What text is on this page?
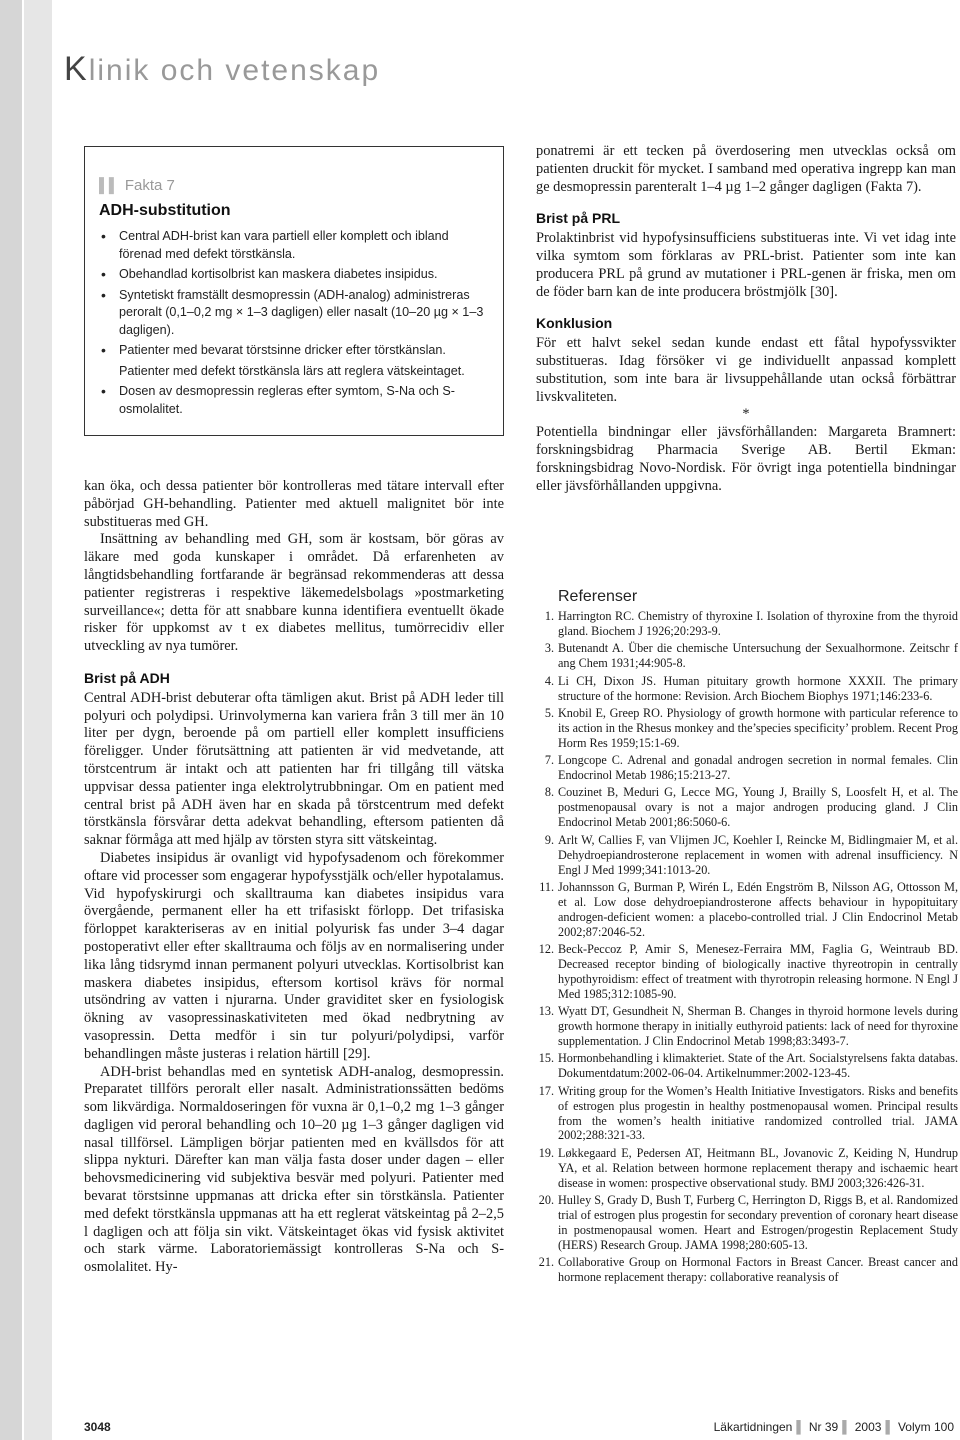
Klinik och vetenskap
▌▌ Fakta 7
ADH-substitution
• Central ADH-brist kan vara partiell eller komplett och ibland förenad med defekt törstkänsla.
• Obehandlad kortisolbrist kan maskera diabetes insipidus.
• Syntetiskt framställt desmopressin (ADH-analog) administreras peroralt (0,1–0,2 mg × 1–3 dagligen) eller nasalt (10–20 µg × 1–3 dagligen).
• Patienter med bevarat törstsinne dricker efter törstkänslan.
Patienter med defekt törstkänsla lärs att reglera vätskeintaget.
• Dosen av desmopressin regleras efter symtom, S-Na och S-osmolalitet.

kan öka, och dessa patienter bör kontrolleras med tätare intervall efter påbörjad GH-behandling. Patienter med aktuell malignitet bör inte substitueras med GH.

Insättning av behandling med GH, som är kostsam, bör göras av läkare med goda kunskaper i området. Då erfarenheten av långtidsbehandling fortfarande är begränsad rekommenderas att dessa patienter registreras i respektive läkemedelsbolags »postmarketing surveillance«; detta för att snabbare kunna identifiera eventuellt ökade risker för uppkomst av t ex diabetes mellitus, tumörrecidiv eller utveckling av nya tumörer.

Brist på ADH

Central ADH-brist debuterar ofta tämligen akut. Brist på ADH leder till polyuri och polydipsi. Urinvolymerna kan variera från 3 till mer än 10 liter per dygn, beroende på om partiell eller komplett insufficiens föreligger. Under förutsättning att patienten är vid medvetande, att törstcentrum är intakt och att patienten har fri tillgång till vätska uppvisar dessa patienter inga elektrolytrubbningar. Om en patient med central brist på ADH även har en skada på törstcentrum med defekt törstkänsla försvårar detta adekvat behandling, eftersom patienten då saknar förmåga att med hjälp av törsten styra sitt vätskeintag.

Diabetes insipidus är ovanligt vid hypofysadenom och förekommer oftare vid processer som engagerar hypofysstjälk och/eller hypotalamus. Vid hypofyskirurgi och skalltrauma kan diabetes insipidus vara övergående, permanent eller ha ett trifasiskt förlopp. Det trifasiska förloppet karakteriseras av en initial polyurisk fas under 3–4 dagar postoperativt eller efter skalltrauma och följs av en normalisering under lika lång tidsrymd innan permanent polyuri utvecklas. Kortisolbrist kan maskera diabetes insipidus, eftersom kortisol krävs för normal utsöndring av vatten i njurarna. Under graviditet sker en fysiologisk ökning av vasopressinaskativiteten med ökad nedbrytning av vasopressin. Detta medför i sin tur polyuri/polydipsi, varför behandlingen måste justeras i relation härtill [29].

ADH-brist behandlas med en syntetisk ADH-analog, desmopressin. Preparatet tillförs peroralt eller nasalt. Administrationssätten bedöms som likvärdiga. Normaldoseringen för vuxna är 0,1–0,2 mg 1–3 gånger dagligen vid peroral behandling och 10–20 µg 1–3 gånger dagligen vid nasal tillförsel. Lämpligen börjar patienten med en kvällsdos för att slippa nykturi. Därefter kan man välja fasta doser under dagen – eller behovsmedicinering vid subjektiva besvär med polyuri. Patienter med bevarat törstsinne uppmanas att dricka efter sin törstkänsla. Patienter med defekt törstkänsla uppmanas att ha ett reglerat vätskeintag på 2–2,5 l dagligen och att följa sin vikt. Vätskeintaget ökas vid fysisk aktivitet och stark värme. Laboratoriemässigt kontrolleras S-Na och S-osmolalitet. Hy-

ponatremi är ett tecken på överdosering men utvecklas också om patienten druckit för mycket. I samband med operativa ingrepp kan man ge desmopressin parenteralt 1–4 µg 1–2 gånger dagligen (Fakta 7).

Brist på PRL

Prolaktinbrist vid hypofysinsufficiens substitueras inte. Vi vet idag inte vilka symtom som förklaras av PRL-brist. Patienter som inte kan producera PRL på grund av mutationer i PRL-genen är friska, men om de föder barn kan de inte producera bröstmjölk [30].

Konklusion

För ett halvt sekel sedan kunde endast ett fåtal hypofyssvikter substitueras. Idag försöker vi ge individuellt anpassad komplett substitution, som inte bara är livsuppehållande utan också förbättrar livskvaliteten.

*

Potentiella bindningar eller jävsförhållanden: Margareta Bramnert: forskningsbidrag Pharmacia Sverige AB. Bertil Ekman: forskningsbidrag Novo-Nordisk. För övrigt inga potentiella bindningar eller jävsförhållanden uppgivna.

Referenser
1. Harrington RC. Chemistry of thyroxine I. Isolation of thyroxine from the thyroid gland. Biochem J 1926;20:293-9.
3. Butenandt A. Über die chemische Untersuchung der Sexualhormone. Zeitschr f ang Chem 1931;44:905-8.
4. Li CH, Dixon JS. Human pituitary growth hormone XXXII. The primary structure of the hormone: Revision. Arch Biochem Biophys 1971;146:233-6.
5. Knobil E, Greep RO. Physiology of growth hormone with particular reference to its action in the Rhesus monkey and the’species specificity’ problem. Recent Prog Horm Res 1959;15:1-69.
7. Longcope C. Adrenal and gonadal androgen secretion in normal females. Clin Endocrinol Metab 1986;15:213-27.
8. Couzinet B, Meduri G, Lecce MG, Young J, Brailly S, Loosfelt H, et al. The postmenopausal ovary is not a major androgen producing gland. J Clin Endocrinol Metab 2001;86:5060-6.
9. Arlt W, Callies F, van Vlijmen JC, Koehler I, Reincke M, Bidlingmaier M, et al. Dehydroepiandrosterone replacement in women with adrenal insufficiency. N Engl J Med 1999;341:1013-20.
11. Johannsson G, Burman P, Wirén L, Edén Engström B, Nilsson AG, Ottosson M, et al. Low dose dehydroepiandrosterone affects behaviour in hypopituitary androgen-deficient women: a placebo-controlled trial. J Clin Endocrinol Metab 2002;87:2046-52.
12. Beck-Peccoz P, Amir S, Menesez-Ferraira MM, Faglia G, Weintraub BD. Decreased receptor binding of biologically inactive thyreotropin in centrally hypothyroidism: effect of treatment with thyrotropin releasing hormone. N Engl J Med 1985;312:1085-90.
13. Wyatt DT, Gesundheit N, Sherman B. Changes in thyroid hormone levels during growth hormone therapy in initially euthyroid patients: lack of need for thyroxine supplementation. J Clin Endocrinol Metab 1998;83:3493-7.
15. Hormonbehandling i klimakteriet. State of the Art. Socialstyrelsens fakta databas. Dokumentdatum:2002-06-04. Artikelnummer:2002-123-45.
17. Writing group for the Women’s Health Initiative Investigators. Risks and benefits of estrogen plus progestin in healthy postmenopausal women. Principal results from the women’s health initiative randomized controlled trial. JAMA 2002;288:321-33.
19. Løkkegaard E, Pedersen AT, Heitmann BL, Jovanovic Z, Keiding N, Hundrup YA, et al. Relation between hormone replacement therapy and ischaemic heart disease in women: prospective observational study. BMJ 2003;326:426-31.
20. Hulley S, Grady D, Bush T, Furberg C, Herrington D, Riggs B, et al. Randomized trial of estrogen plus progestin for secondary prevention of coronary heart disease in postmenopausal women. Heart and Estrogen/progestin Replacement Study (HERS) Research Group. JAMA 1998;280:605-13.
21. Collaborative Group on Hormonal Factors in Breast Cancer. Breast cancer and hormone replacement therapy: collaborative reanalysis of
3048	Läkartidningen ▌ Nr 39 ▌ 2003 ▌ Volym 100
